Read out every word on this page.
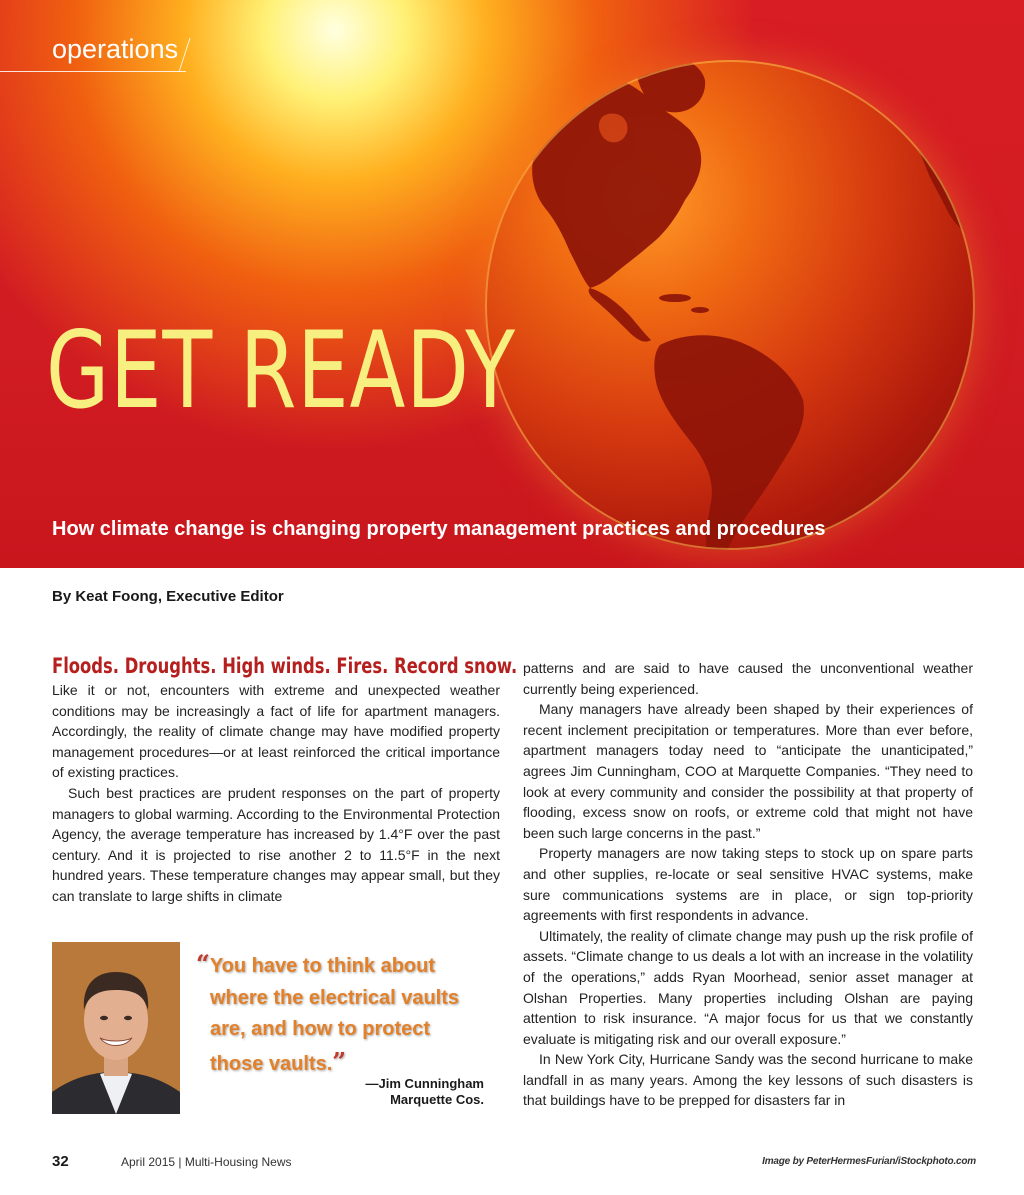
operations
GET READY
How climate change is changing property management practices and procedures
By Keat Foong, Executive Editor
Floods. Droughts. High winds. Fires. Record snow.

Like it or not, encounters with extreme and unexpected weather conditions may be increasingly a fact of life for apartment managers. Accordingly, the reality of climate change may have modified property management procedures—or at least reinforced the critical importance of existing practices.

Such best practices are prudent responses on the part of property managers to global warming. According to the Environmental Protection Agency, the average temperature has increased by 1.4°F over the past century. And it is projected to rise another 2 to 11.5°F in the next hundred years. These temperature changes may appear small, but they can translate to large shifts in climate

patterns and are said to have caused the unconventional weather currently being experienced.

Many managers have already been shaped by their experiences of recent inclement precipitation or temperatures. More than ever before, apartment managers today need to “anticipate the unanticipated,” agrees Jim Cunningham, COO at Marquette Companies. “They need to look at every community and consider the possibility at that property of flooding, excess snow on roofs, or extreme cold that might not have been such large concerns in the past.”

Property managers are now taking steps to stock up on spare parts and other supplies, re-locate or seal sensitive HVAC systems, make sure communications systems are in place, or sign top-priority agreements with first respondents in advance.

Ultimately, the reality of climate change may push up the risk profile of assets. “Climate change to us deals a lot with an increase in the volatility of the operations,” adds Ryan Moorhead, senior asset manager at Olshan Properties. Many properties including Olshan are paying attention to risk insurance. “A major focus for us that we constantly evaluate is mitigating risk and our overall exposure.”

In New York City, Hurricane Sandy was the second hurricane to make landfall in as many years. Among the key lessons of such disasters is that buildings have to be prepped for disasters far in

“You have to think about
where the electrical vaults
are, and how to protect
those vaults.”

—Jim Cunningham
Marquette Cos.
32	April 2015 | Multi-Housing News	Image by PeterHermesFurian/iStockphoto.com
